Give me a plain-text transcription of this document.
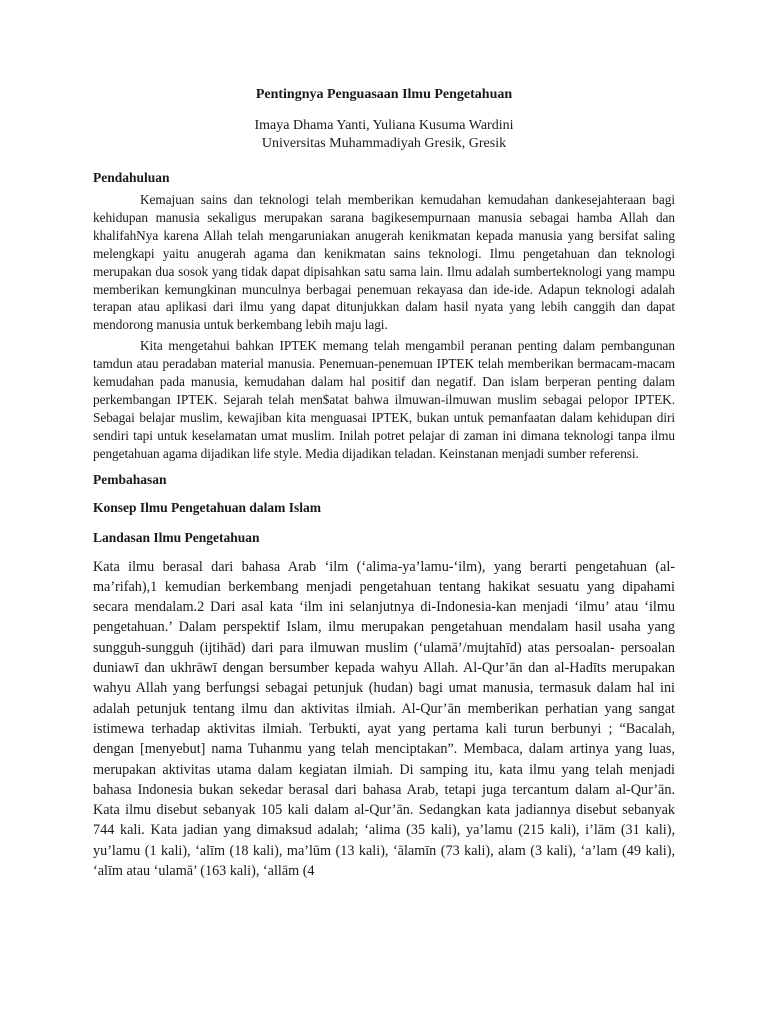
Pentingnya Penguasaan Ilmu Pengetahuan
Imaya Dhama Yanti, Yuliana Kusuma Wardini
Universitas Muhammadiyah Gresik, Gresik
Pendahuluan

Kemajuan sains dan teknologi telah memberikan kemudahan kemudahan dankesejahteraan bagi kehidupan manusia sekaligus merupakan sarana bagikesempurnaan manusia sebagai hamba Allah dan khalifahNya karena Allah telah mengaruniakan anugerah kenikmatan kepada manusia yang bersifat saling melengkapi yaitu anugerah agama dan kenikmatan sains teknologi. Ilmu pengetahuan dan teknologi merupakan dua sosok yang tidak dapat dipisahkan satu sama lain. Ilmu adalah sumberteknologi yang mampu memberikan kemungkinan munculnya berbagai penemuan rekayasa dan ide-ide. Adapun teknologi adalah terapan atau aplikasi dari ilmu yang dapat ditunjukkan dalam hasil nyata yang lebih canggih dan dapat mendorong manusia untuk berkembang lebih maju lagi.

Kita mengetahui bahkan IPTEK memang telah mengambil peranan penting dalam pembangunan tamdun atau peradaban material manusia. Penemuan-penemuan IPTEK telah memberikan bermacam-macam kemudahan pada manusia, kemudahan dalam hal positif dan negatif. Dan islam berperan penting dalam perkembangan IPTEK. Sejarah telah men$atat bahwa ilmuwan-ilmuwan muslim sebagai pelopor IPTEK. Sebagai belajar muslim, kewajiban kita menguasai IPTEK, bukan untuk pemanfaatan dalam kehidupan diri sendiri tapi untuk keselamatan umat muslim. Inilah potret pelajar di zaman ini dimana teknologi tanpa ilmu pengetahuan agama dijadikan life style. Media dijadikan teladan. Keinstanan menjadi sumber referensi.

Pembahasan
Konsep Ilmu Pengetahuan dalam Islam
Landasan Ilmu Pengetahuan

Kata ilmu berasal dari bahasa Arab ‘ilm (‘alima-ya’lamu-‘ilm), yang berarti pengetahuan (al-ma’rifah),1 kemudian berkembang menjadi pengetahuan tentang hakikat sesuatu yang dipahami secara mendalam.2 Dari asal kata ‘ilm ini selanjutnya di-Indonesia-kan menjadi ‘ilmu’ atau ‘ilmu pengetahuan.’ Dalam perspektif Islam, ilmu merupakan pengetahuan mendalam hasil usaha yang sungguh-sungguh (ijtihād) dari para ilmuwan muslim (‘ulamā’/mujtahīd) atas persoalan- persoalan duniawī dan ukhrāwī dengan bersumber kepada wahyu Allah. Al-Qur’ān dan al-Hadīts merupakan wahyu Allah yang berfungsi sebagai petunjuk (hudan) bagi umat manusia, termasuk dalam hal ini adalah petunjuk tentang ilmu dan aktivitas ilmiah. Al-Qur’ān memberikan perhatian yang sangat istimewa terhadap aktivitas ilmiah. Terbukti, ayat yang pertama kali turun berbunyi ; “Bacalah, dengan [menyebut] nama Tuhanmu yang telah menciptakan”. Membaca, dalam artinya yang luas, merupakan aktivitas utama dalam kegiatan ilmiah. Di samping itu, kata ilmu yang telah menjadi bahasa Indonesia bukan sekedar berasal dari bahasa Arab, tetapi juga tercantum dalam al-Qur’ān. Kata ilmu disebut sebanyak 105 kali dalam al-Qur’ān. Sedangkan kata jadiannya disebut sebanyak 744 kali. Kata jadian yang dimaksud adalah; ‘alima (35 kali), ya’lamu (215 kali), i’lām (31 kali), yu’lamu (1 kali), ‘alīm (18 kali), ma’lūm (13 kali), ‘ālamīn (73 kali), alam (3 kali), ‘a’lam (49 kali), ‘alīm atau ‘ulamā’ (163 kali), ‘allām (4
